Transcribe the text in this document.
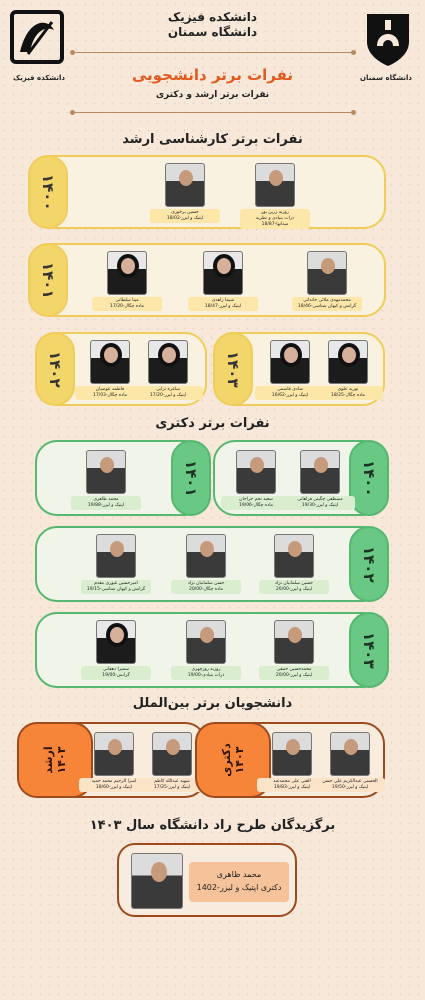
دانشکده فیزیک	دانشگاه سمنان
دانشکده فیزیک
دانشگاه سمنان
نفرات برتر دانشجویی
نفرات برتر ارشد و دکتری
نفرات برتر کارشناسی ارشد
۱۴۰۰
حسین برخوری
اپتیک و لیزر-18/02
روزبه زرین پور
ذرات بنیادی و نظریه میدانها-18/87
۱۴۰۱
مینا سلطانی
ماده چگال-17/20
شیما زاهدی
اپتیک و لیزر-18/47
محمدمهدی ملائی خاندانی
گرانش و کیهان شناسی-18/46
۱۴۰۲
فاطمه عوضیان
ماده چگال-17/03
ساغره ترابی
اپتیک و لیزر-17/20
۱۴۰۳
شادی قاسمی
اپتیک و لیزر-16/62
نوریه علوی
ماده چگال-18/25
نفرات برتر دکتری
۱۴۰۱
محمد ظاهری
اپتیک و لیزر-19/88
۱۴۰۰
سعید نجم‌ خراجان
ماده چگال-19/06
مصطفی چگینی فراهانی
اپتیک و لیزر-19/30
۱۴۰۲
امیرحسین غیوری مقدم
گرانش و کیهان شناسی-19/15
حسن سلمانیان نژاد
ماده چگال-20/00
حسین سلمانیان نژاد
اپتیک و لیزر-20/00
۱۴۰۳
سمیرا دهقانی
گرانش-19/00
روزبه روزچهری
ذرات بنیادی-19/00
محمدحسین حنیفی
اپتیک و لیزر-20/00
دانشجویان برتر بین‌الملل
ارشد ۱۴۰۳
اسرا الرحیم محمد حمید
اپتیک و لیزر-18/60
شهید عبدالله کاظم
اپتیک و لیزر-17/25
دکتری ۱۴۰۳
الفتی علی محمدعبد
اپتیک و لیزر-19/83
الحسنی عبدالکریم علی حسن
اپتیک و لیزر-19/50
برگزیدگان طرح راد دانشگاه سال ۱۴۰۳
محمد ظاهری
دکتری اپتیک و لیزر-1402
